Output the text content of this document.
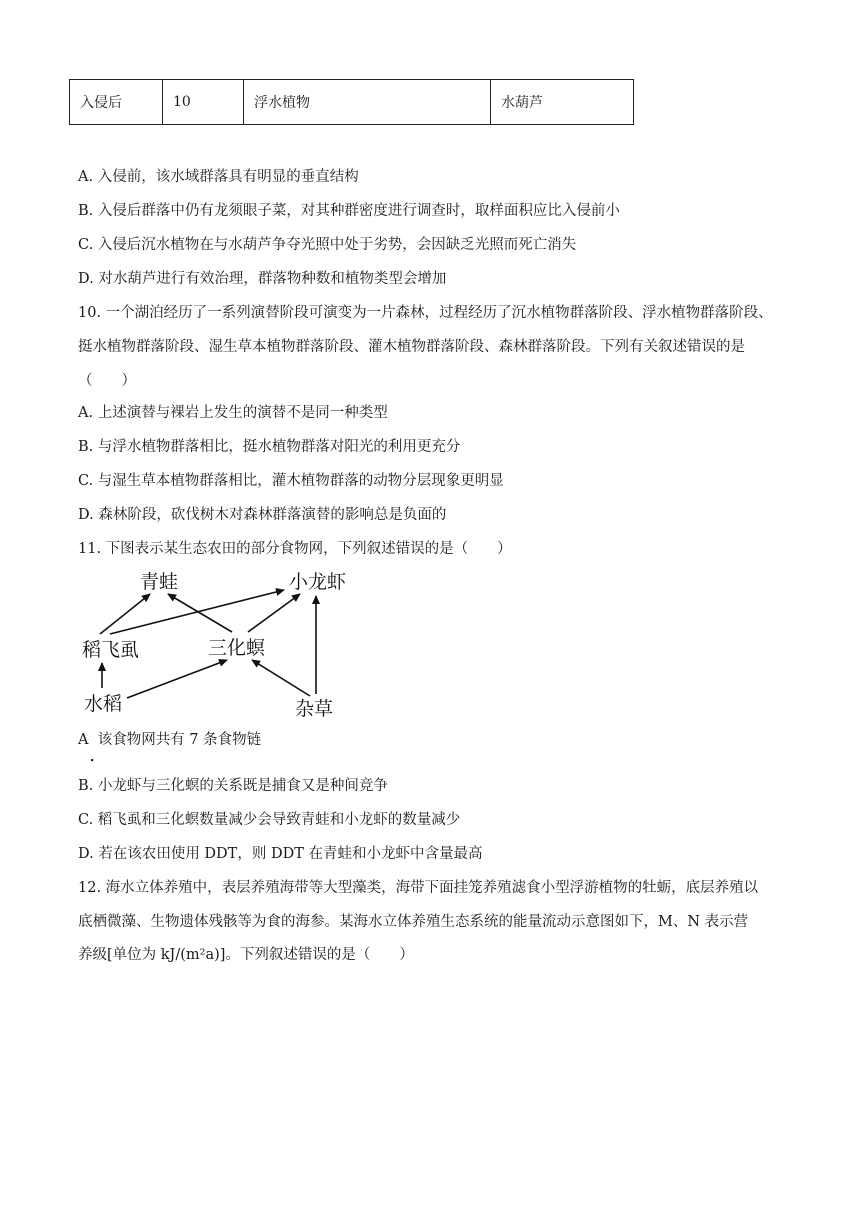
入侵后	10	浮水植物	水葫芦
A. 入侵前，该水域群落具有明显的垂直结构
B. 入侵后群落中仍有龙须眼子菜，对其种群密度进行调查时，取样面积应比入侵前小
C. 入侵后沉水植物在与水葫芦争夺光照中处于劣势，会因缺乏光照而死亡消失
D. 对水葫芦进行有效治理，群落物种数和植物类型会增加
10. 一个湖泊经历了一系列演替阶段可演变为一片森林，过程经历了沉水植物群落阶段、浮水植物群落阶段、
挺水植物群落阶段、湿生草本植物群落阶段、灌木植物群落阶段、森林群落阶段。下列有关叙述错误的是
（　　）
A. 上述演替与裸岩上发生的演替不是同一种类型
B. 与浮水植物群落相比，挺水植物群落对阳光的利用更充分
C. 与湿生草本植物群落相比，灌木植物群落的动物分层现象更明显
D. 森林阶段，砍伐树木对森林群落演替的影响总是负面的
11. 下图表示某生态农田的部分食物网，下列叙述错误的是（　　）
青蛙	小龙虾
稻飞虱	三化螟
水稻	杂草
A 该食物网共有 7 条食物链
．
B. 小龙虾与三化螟的关系既是捕食又是种间竞争
C. 稻飞虱和三化螟数量减少会导致青蛙和小龙虾的数量减少
D. 若在该农田使用 DDT，则 DDT 在青蛙和小龙虾中含量最高
12. 海水立体养殖中，表层养殖海带等大型藻类，海带下面挂笼养殖滤食小型浮游植物的牡蛎，底层养殖以
底栖微藻、生物遗体残骸等为食的海参。某海水立体养殖生态系统的能量流动示意图如下，M、N 表示营
养级[单位为 kJ/(m²a)]。下列叙述错误的是（　　）
